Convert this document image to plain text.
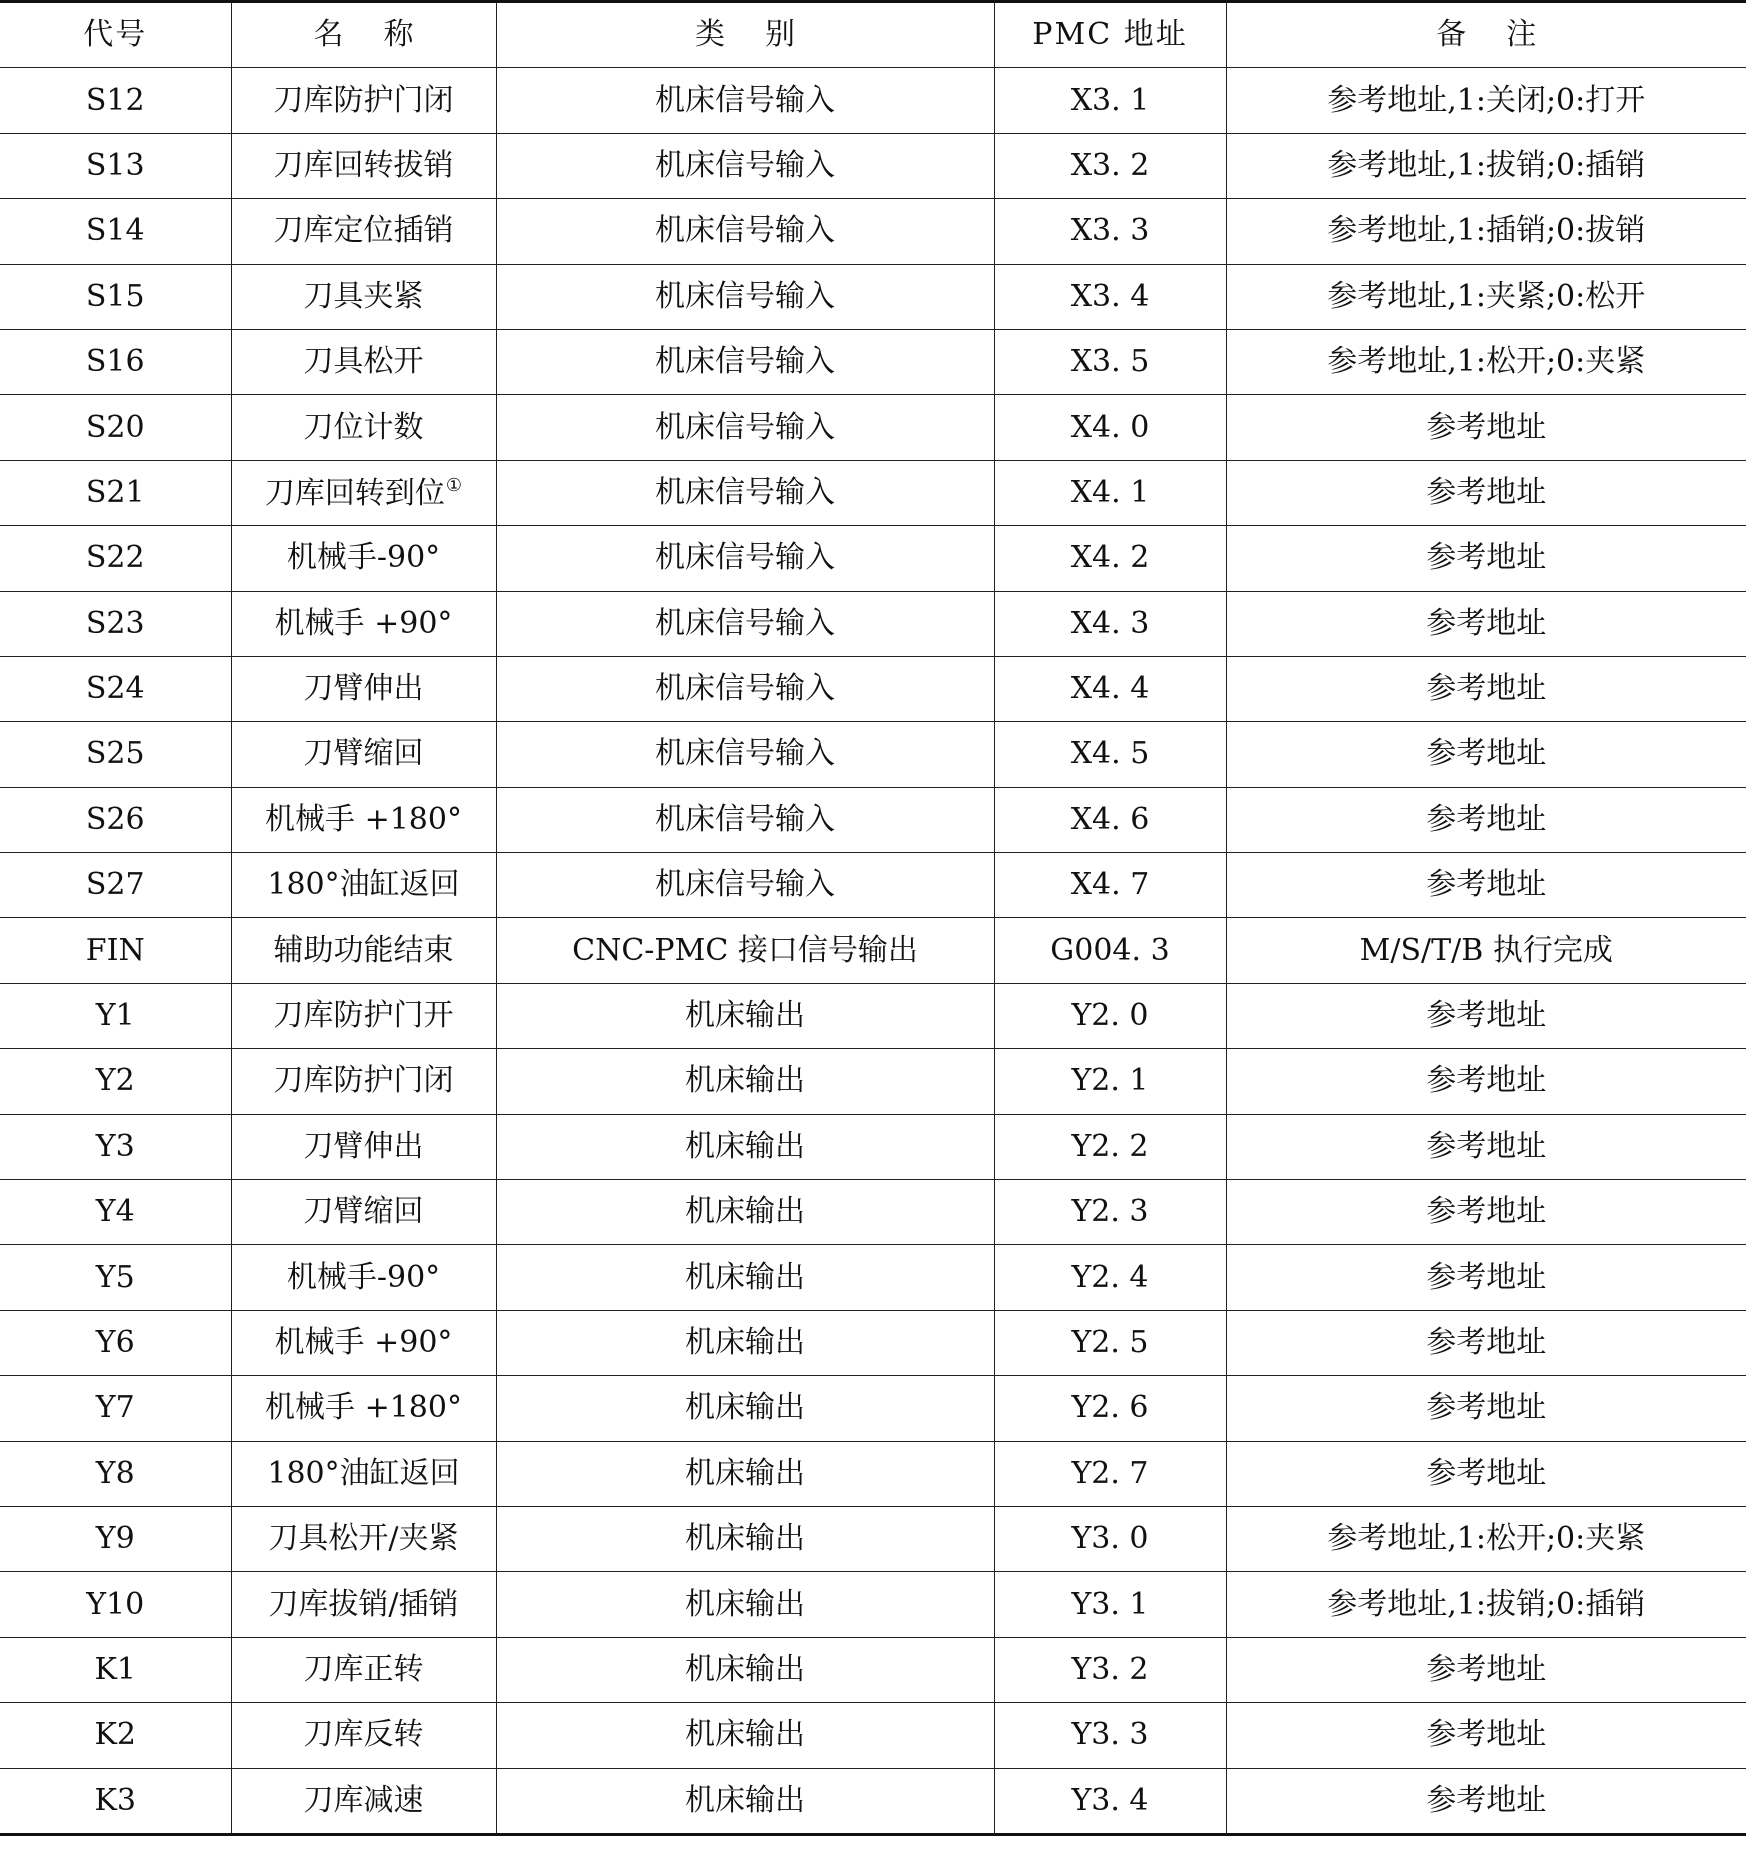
代号	名称	类别	PMC 地址	备注
S12	刀库防护门闭	机床信号输入	X3. 1	参考地址,1:关闭;0:打开
S13	刀库回转拔销	机床信号输入	X3. 2	参考地址,1:拔销;0:插销
S14	刀库定位插销	机床信号输入	X3. 3	参考地址,1:插销;0:拔销
S15	刀具夹紧	机床信号输入	X3. 4	参考地址,1:夹紧;0:松开
S16	刀具松开	机床信号输入	X3. 5	参考地址,1:松开;0:夹紧
S20	刀位计数	机床信号输入	X4. 0	参考地址
S21	刀库回转到位①	机床信号输入	X4. 1	参考地址
S22	机械手-90°	机床信号输入	X4. 2	参考地址
S23	机械手 +90°	机床信号输入	X4. 3	参考地址
S24	刀臂伸出	机床信号输入	X4. 4	参考地址
S25	刀臂缩回	机床信号输入	X4. 5	参考地址
S26	机械手 +180°	机床信号输入	X4. 6	参考地址
S27	180°油缸返回	机床信号输入	X4. 7	参考地址
FIN	辅助功能结束	CNC-PMC 接口信号输出	G004. 3	M/S/T/B 执行完成
Y1	刀库防护门开	机床输出	Y2. 0	参考地址
Y2	刀库防护门闭	机床输出	Y2. 1	参考地址
Y3	刀臂伸出	机床输出	Y2. 2	参考地址
Y4	刀臂缩回	机床输出	Y2. 3	参考地址
Y5	机械手-90°	机床输出	Y2. 4	参考地址
Y6	机械手 +90°	机床输出	Y2. 5	参考地址
Y7	机械手 +180°	机床输出	Y2. 6	参考地址
Y8	180°油缸返回	机床输出	Y2. 7	参考地址
Y9	刀具松开/夹紧	机床输出	Y3. 0	参考地址,1:松开;0:夹紧
Y10	刀库拔销/插销	机床输出	Y3. 1	参考地址,1:拔销;0:插销
K1	刀库正转	机床输出	Y3. 2	参考地址
K2	刀库反转	机床输出	Y3. 3	参考地址
K3	刀库减速	机床输出	Y3. 4	参考地址
